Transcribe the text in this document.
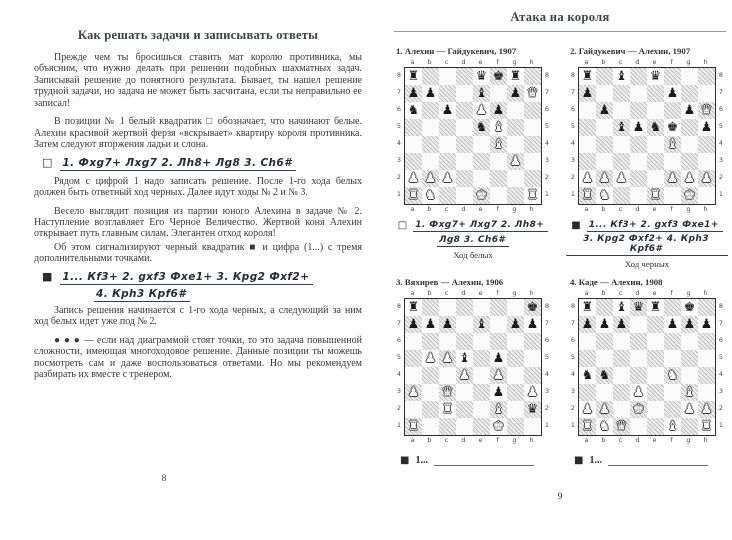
Как решать задачи и записывать ответы

Прежде чем ты бросишься ставить мат королю противника, мы объясним, что нужно делать при решении подобных шахматных задач. Записывай решение до понятного результата. Бывает, ты нашел решение трудной задачи, но задача не может быть засчитана, если ты неправильно ее записал!

В позиции № 1 белый квадратик □ обозначает, что начинают белые. Алехин красивой жертвой ферзя «вскрывает» квартиру короля противника. Затем следуют вторжения ладьи и слона.

□ 1. Фxg7+ Лxg7 2. Лh8+ Лg8 3. Ch6#

Рядом с цифрой 1 надо записать решение. После 1-го хода белых должен быть ответный ход черных. Далее идут ходы № 2 и № 3.

Весело выглядит позиция из партии юного Алехина в задаче № 2. Наступление возглавляет Его Черное Величество. Жертвой коня Алехин открывает путь главным силам. Элегантен отход короля!

Об этом сигнализируют черный квадратик ■ и цифра (1...) с тремя дополнительными точками.

■ 1... Кf3+ 2. gxf3 Фxe1+ 3. Кpg2 Фxf2+
4. Кph3 Кpf6#

Запись решения начинается с 1-го хода черных, а следующий за ним ход белых идет уже под № 2.

● ● ● — если над диаграммой стоят точки, то это задача повышенной сложности, имеющая многоходовое решение. Данные позиции ты можешь посмотреть сам и даже воспользоваться ответами. Но мы рекомендуем разбирать их вместе с тренером.

8
Атака на короля
1. Алехин — Гайдукевич, 1907
a	b	c	d	e	f	g	h
8
7
6
5
4
3
2
1
♜	♛ ♚ ♜
♟ ♟	♝ ♟ ♛
♞ ♟ ♟ ♟
♞ ♝
♝
♟
♟ ♟ ♟
♜ ♞	♚	♜
8
7
6
5
4
3
2
1
a	b	c	d	e	f	g	h
□ 1. Фxg7+ Лxg7 2. Лh8+
Лg8 3. Ch6#
Ход белых
2. Гайдукевич — Алехин, 1907
a	b	c	d	e	f	g	h
8
7
6
5
4
3
2
1
♜ ♝ ♛
♟	♟
♟	♟ ♛
♝ ♟ ♞ ♚ ♟
♝
♟ ♟ ♟	♟ ♟ ♟
♜ ♞	♜ ♚
8
7
6
5
4
3
2
1
a	b	c	d	e	f	g	h
■ 1... Кf3+ 2. gxf3 Фxe1+
3. Кpg2 Фxf2+ 4. Кph3 Кpf6#
Ход черных
3. Вяхирев — Алехин, 1906
a	b	c	d	e	f	g	h
8
7
6
5
4
3
2
1
♜	♚
♟ ♟ ♟ ♝ ♟ ♟
♟ ♟ ♝ ♟
♟ ♟
♟ ♛	♟ ♟
♜	♝ ♛
♜	♚
8
7
6
5
4
3
2
1
a	b	c	d	e	f	g	h
■ 1...
4. Каде — Алехин, 1908
a	b	c	d	e	f	g	h
8
7
6
5
4
3
2
1
♜ ♝ ♛ ♜ ♚
♟ ♟ ♟	♟ ♟ ♟
♞ ♞	♞
♟	♝
♟ ♟ ♚	♟ ♟
♜ ♞ ♛	♝ ♜
8
7
6
5
4
3
2
1
a	b	c	d	e	f	g	h
■ 1...
9
